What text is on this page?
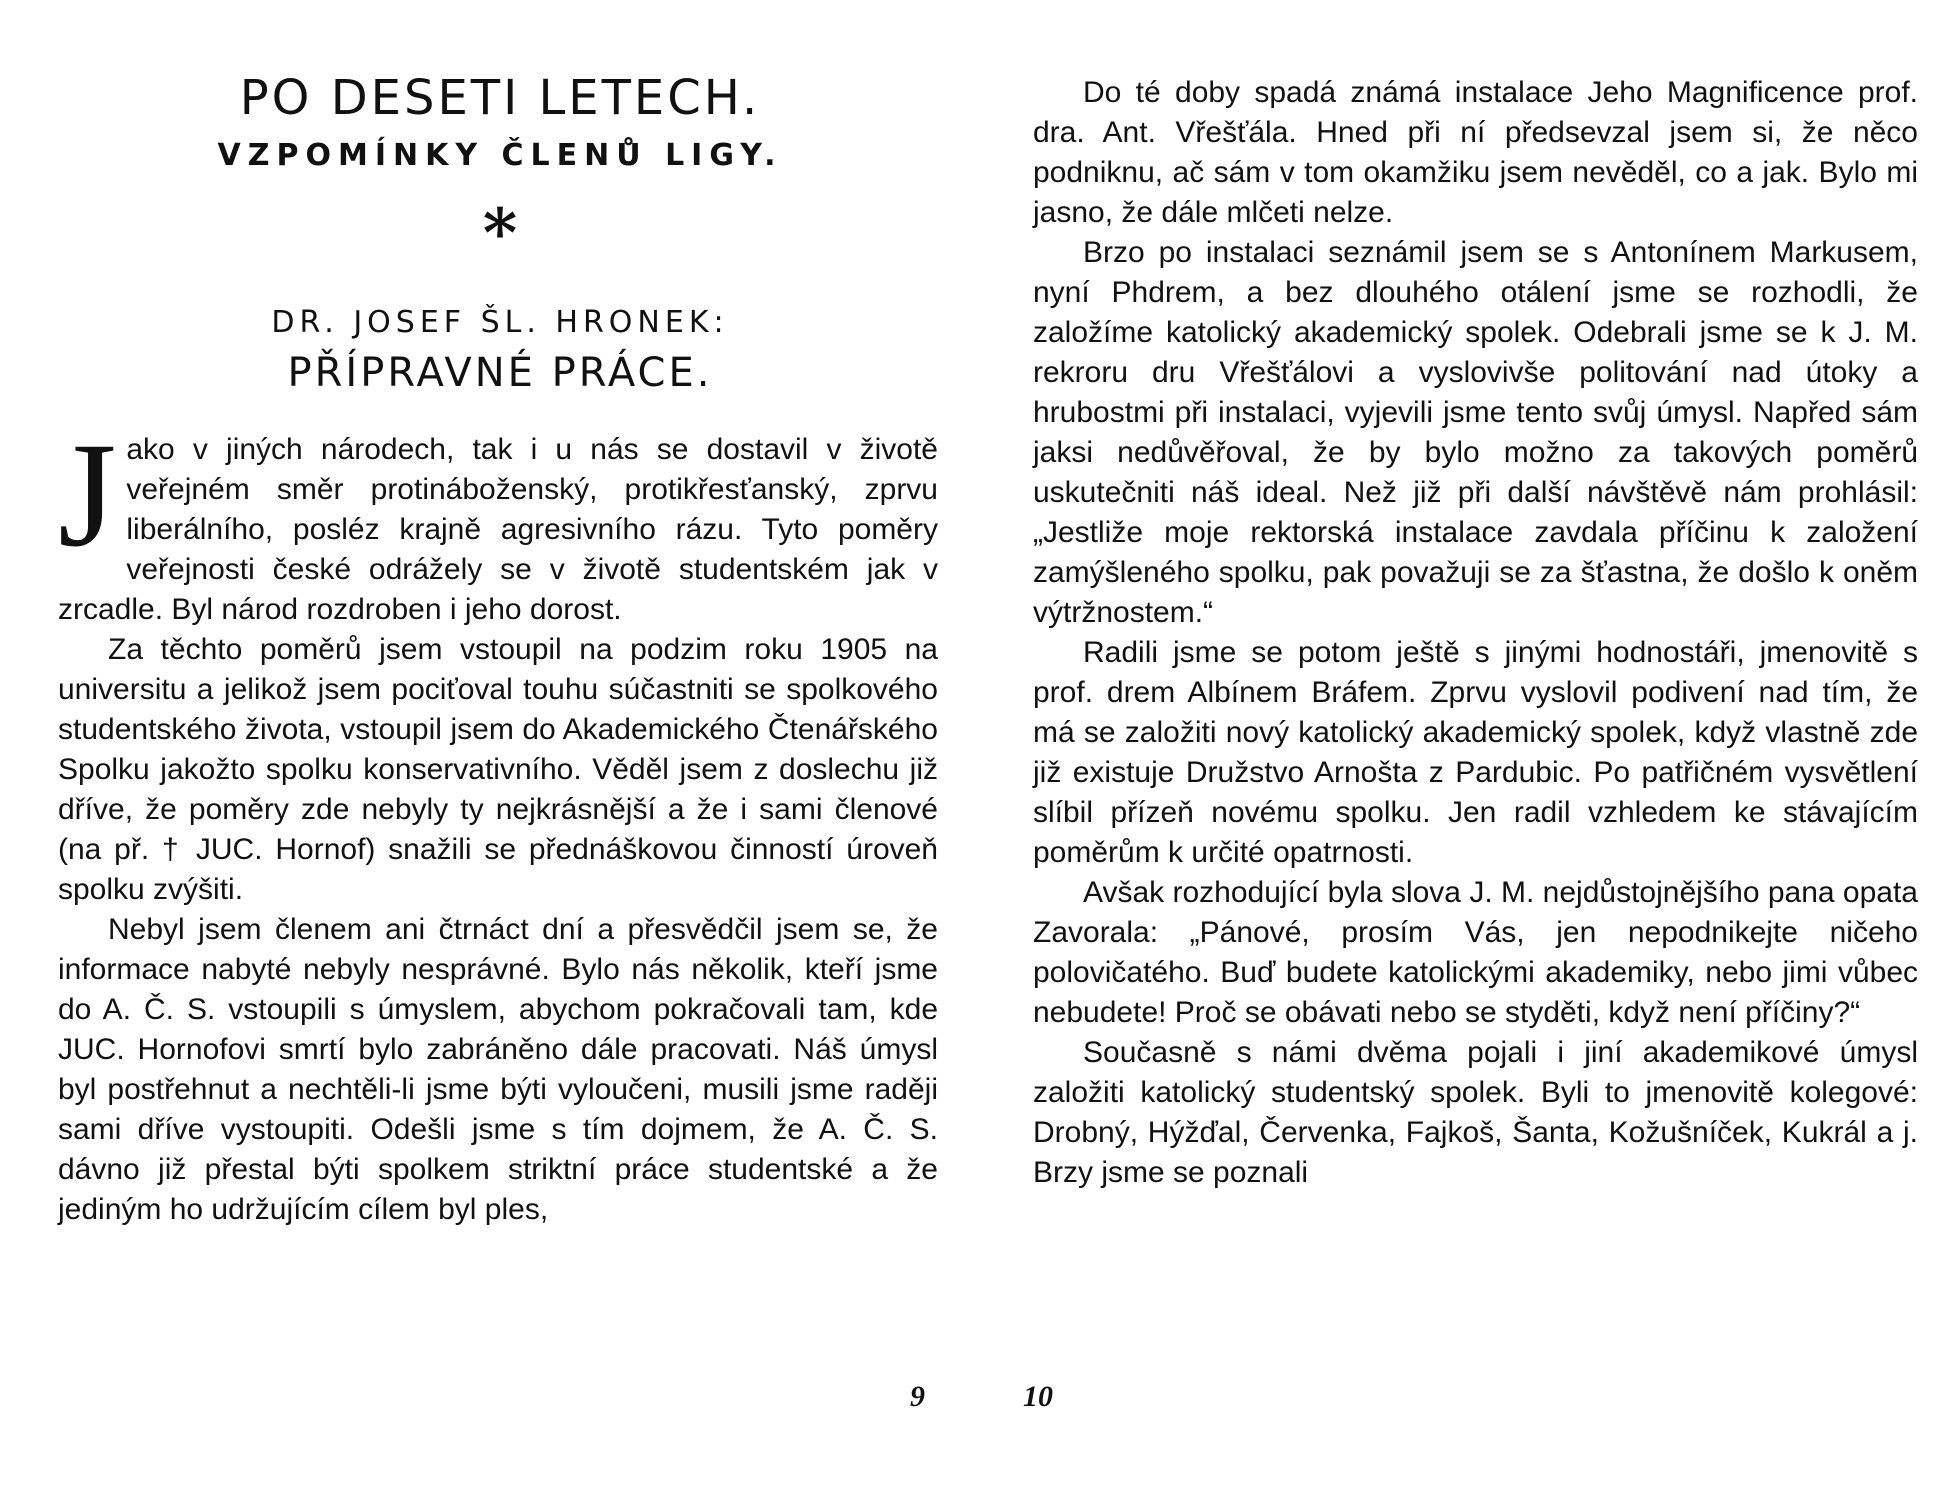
PO DESETI LETECH.
VZPOMÍNKY ČLENŮ LIGY.
*
DR. JOSEF ŠL. HRONEK:
PŘÍPRAVNÉ PRÁCE.

Jako v jiných národech, tak i u nás se dostavil v životě veřejném směr protináboženský, protikřesťanský, zprvu liberálního, posléz krajně agresivního rázu. Tyto poměry veřejnosti české odrážely se v životě studentském jak v zrcadle. Byl národ rozdroben i jeho dorost.

Za těchto poměrů jsem vstoupil na podzim roku 1905 na universitu a jelikož jsem pociťoval touhu súčastniti se spolkového studentského života, vstoupil jsem do Akademického Čtenářského Spolku jakožto spolku konservativního. Věděl jsem z doslechu již dříve, že poměry zde nebyly ty nejkrásnější a že i sami členové (na př. † JUC. Hornof) snažili se přednáškovou činností úroveň spolku zvýšiti.

Nebyl jsem členem ani čtrnáct dní a přesvědčil jsem se, že informace nabyté nebyly nesprávné. Bylo nás několik, kteří jsme do A. Č. S. vstoupili s úmyslem, abychom pokračovali tam, kde JUC. Hornofovi smrtí bylo zabráněno dále pracovati. Náš úmysl byl postřehnut a nechtěli-li jsme býti vyloučeni, musili jsme raději sami dříve vystoupiti. Odešli jsme s tím dojmem, že A. Č. S. dávno již přestal býti spolkem striktní práce studentské a že jediným ho udržujícím cílem byl ples,

9

Do té doby spadá známá instalace Jeho Magnificence prof. dra. Ant. Vřešťála. Hned při ní předsevzal jsem si, že něco podniknu, ač sám v tom okamžiku jsem nevěděl, co a jak. Bylo mi jasno, že dále mlčeti nelze.

Brzo po instalaci seznámil jsem se s Antonínem Markusem, nyní Phdrem, a bez dlouhého otálení jsme se rozhodli, že založíme katolický akademický spolek. Odebrali jsme se k J. M. rekroru dru Vřešťálovi a vyslovivše politování nad útoky a hrubostmi při instalaci, vyjevili jsme tento svůj úmysl. Napřed sám jaksi nedůvěřoval, že by bylo možno za takových poměrů uskutečniti náš ideal. Než již při další návštěvě nám prohlásil: „Jestliže moje rektorská instalace zavdala příčinu k založení zamýšleného spolku, pak považuji se za šťastna, že došlo k oněm výtržnostem.“

Radili jsme se potom ještě s jinými hodnostáři, jmenovitě s prof. drem Albínem Bráfem. Zprvu vyslovil podivení nad tím, že má se založiti nový katolický akademický spolek, když vlastně zde již existuje Družstvo Arnošta z Pardubic. Po patřičném vysvětlení slíbil přízeň novému spolku. Jen radil vzhledem ke stávajícím poměrům k určité opatrnosti.

Avšak rozhodující byla slova J. M. nejdůstojnějšího pana opata Zavorala: „Pánové, prosím Vás, jen nepodnikejte ničeho polovičatého. Buď budete katolickými akademiky, nebo jimi vůbec nebudete! Proč se obávati nebo se styděti, když není příčiny?“

Současně s námi dvěma pojali i jiní akademikové úmysl založiti katolický studentský spolek. Byli to jmenovitě kolegové: Drobný, Hýžďal, Červenka, Fajkoš, Šanta, Kožušníček, Kukrál a j. Brzy jsme se poznali

10
